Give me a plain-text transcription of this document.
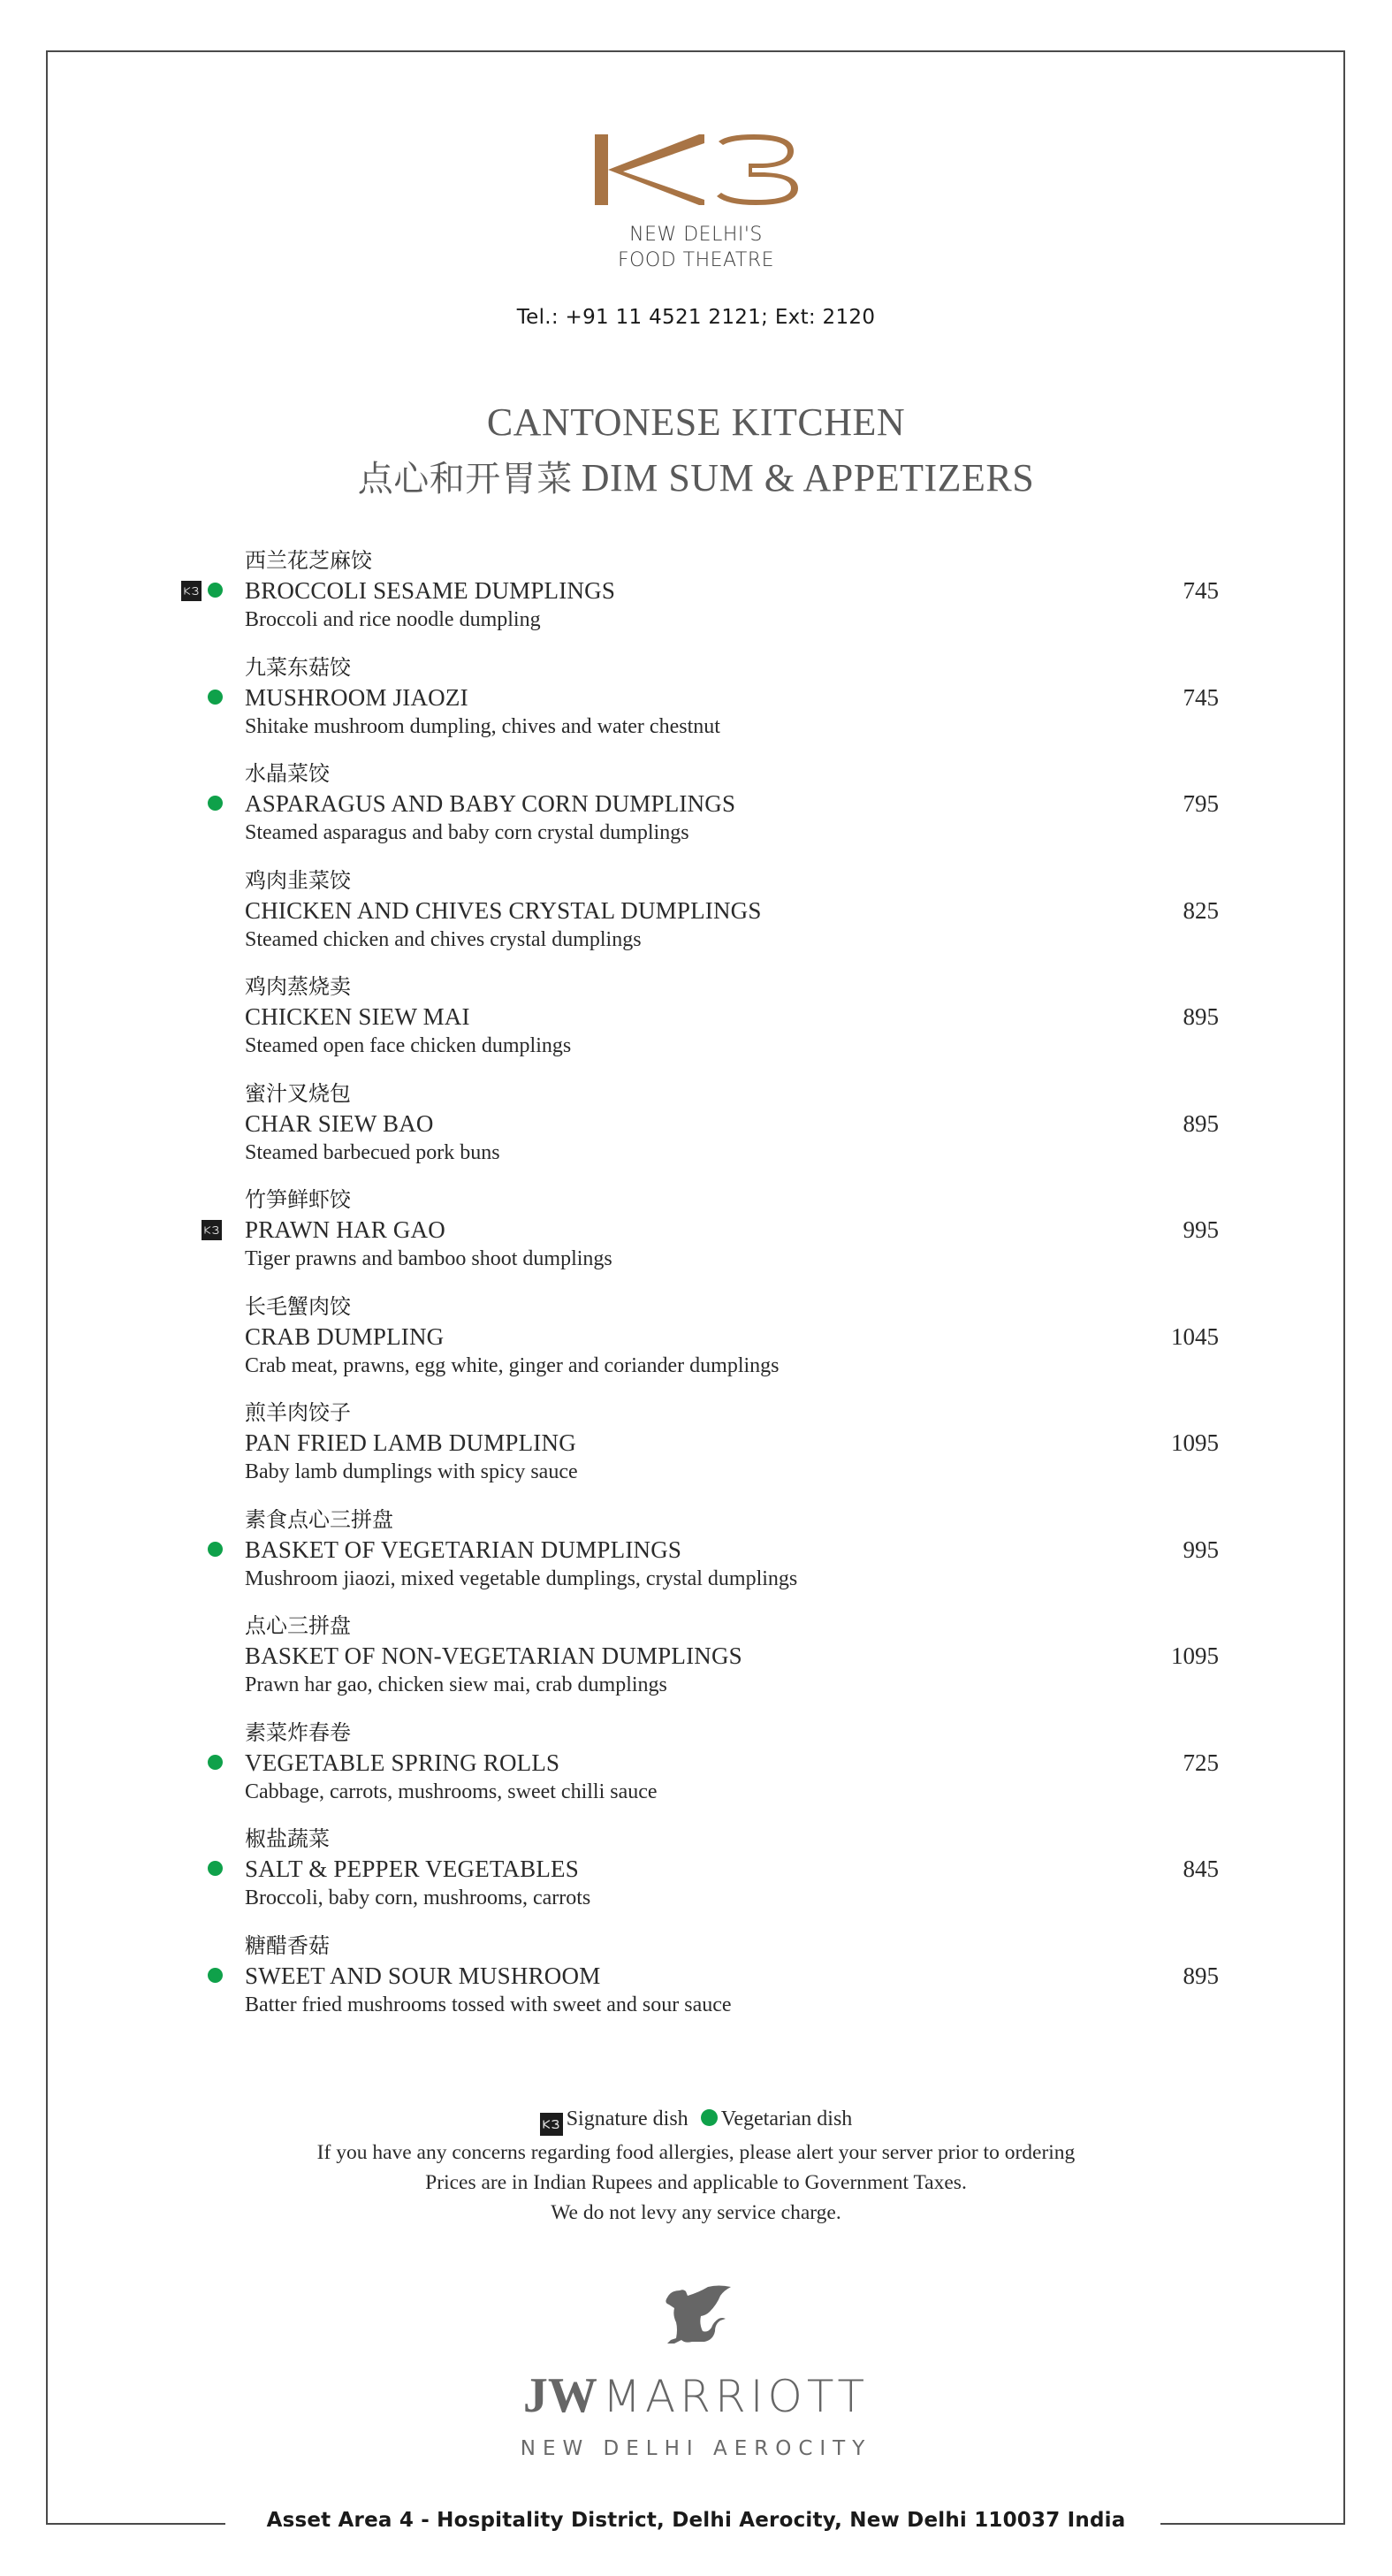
NEW DELHI'S
FOOD THEATRE
Tel.: +91 11 4521 2121; Ext: 2120
CANTONESE KITCHEN
点心和开胃菜 DIM SUM & APPETIZERS
西兰花芝麻饺
BROCCOLI SESAME DUMPLINGS
Broccoli and rice noodle dumpling
745
九菜东菇饺
MUSHROOM JIAOZI
Shitake mushroom dumpling, chives and water chestnut
745
水晶菜饺
ASPARAGUS AND BABY CORN DUMPLINGS
Steamed asparagus and baby corn crystal dumplings
795
鸡肉韭菜饺
CHICKEN AND CHIVES CRYSTAL DUMPLINGS
Steamed chicken and chives crystal dumplings
825
鸡肉蒸烧卖
CHICKEN SIEW MAI
Steamed open face chicken dumplings
895
蜜汁叉烧包
CHAR SIEW BAO
Steamed barbecued pork buns
895
竹笋鲜虾饺
PRAWN HAR GAO
Tiger prawns and bamboo shoot dumplings
995
长毛蟹肉饺
CRAB DUMPLING
Crab meat, prawns, egg white, ginger and coriander dumplings
1045
煎羊肉饺子
PAN FRIED LAMB DUMPLING
Baby lamb dumplings with spicy sauce
1095
素食点心三拼盘
BASKET OF VEGETARIAN DUMPLINGS
Mushroom jiaozi, mixed vegetable dumplings, crystal dumplings
995
点心三拼盘
BASKET OF NON-VEGETARIAN DUMPLINGS
Prawn har gao, chicken siew mai, crab dumplings
1095
素菜炸春卷
VEGETABLE SPRING ROLLS
Cabbage, carrots, mushrooms, sweet chilli sauce
725
椒盐蔬菜
SALT & PEPPER VEGETABLES
Broccoli, baby corn, mushrooms, carrots
845
糖醋香菇
SWEET AND SOUR MUSHROOM
Batter fried mushrooms tossed with sweet and sour sauce
895
Signature dish Vegetarian dish
If you have any concerns regarding food allergies, please alert your server prior to ordering
Prices are in Indian Rupees and applicable to Government Taxes.
We do not levy any service charge.
JW MARRIOTT
NEW DELHI AEROCITY
Asset Area 4 - Hospitality District, Delhi Aerocity, New Delhi 110037 India
